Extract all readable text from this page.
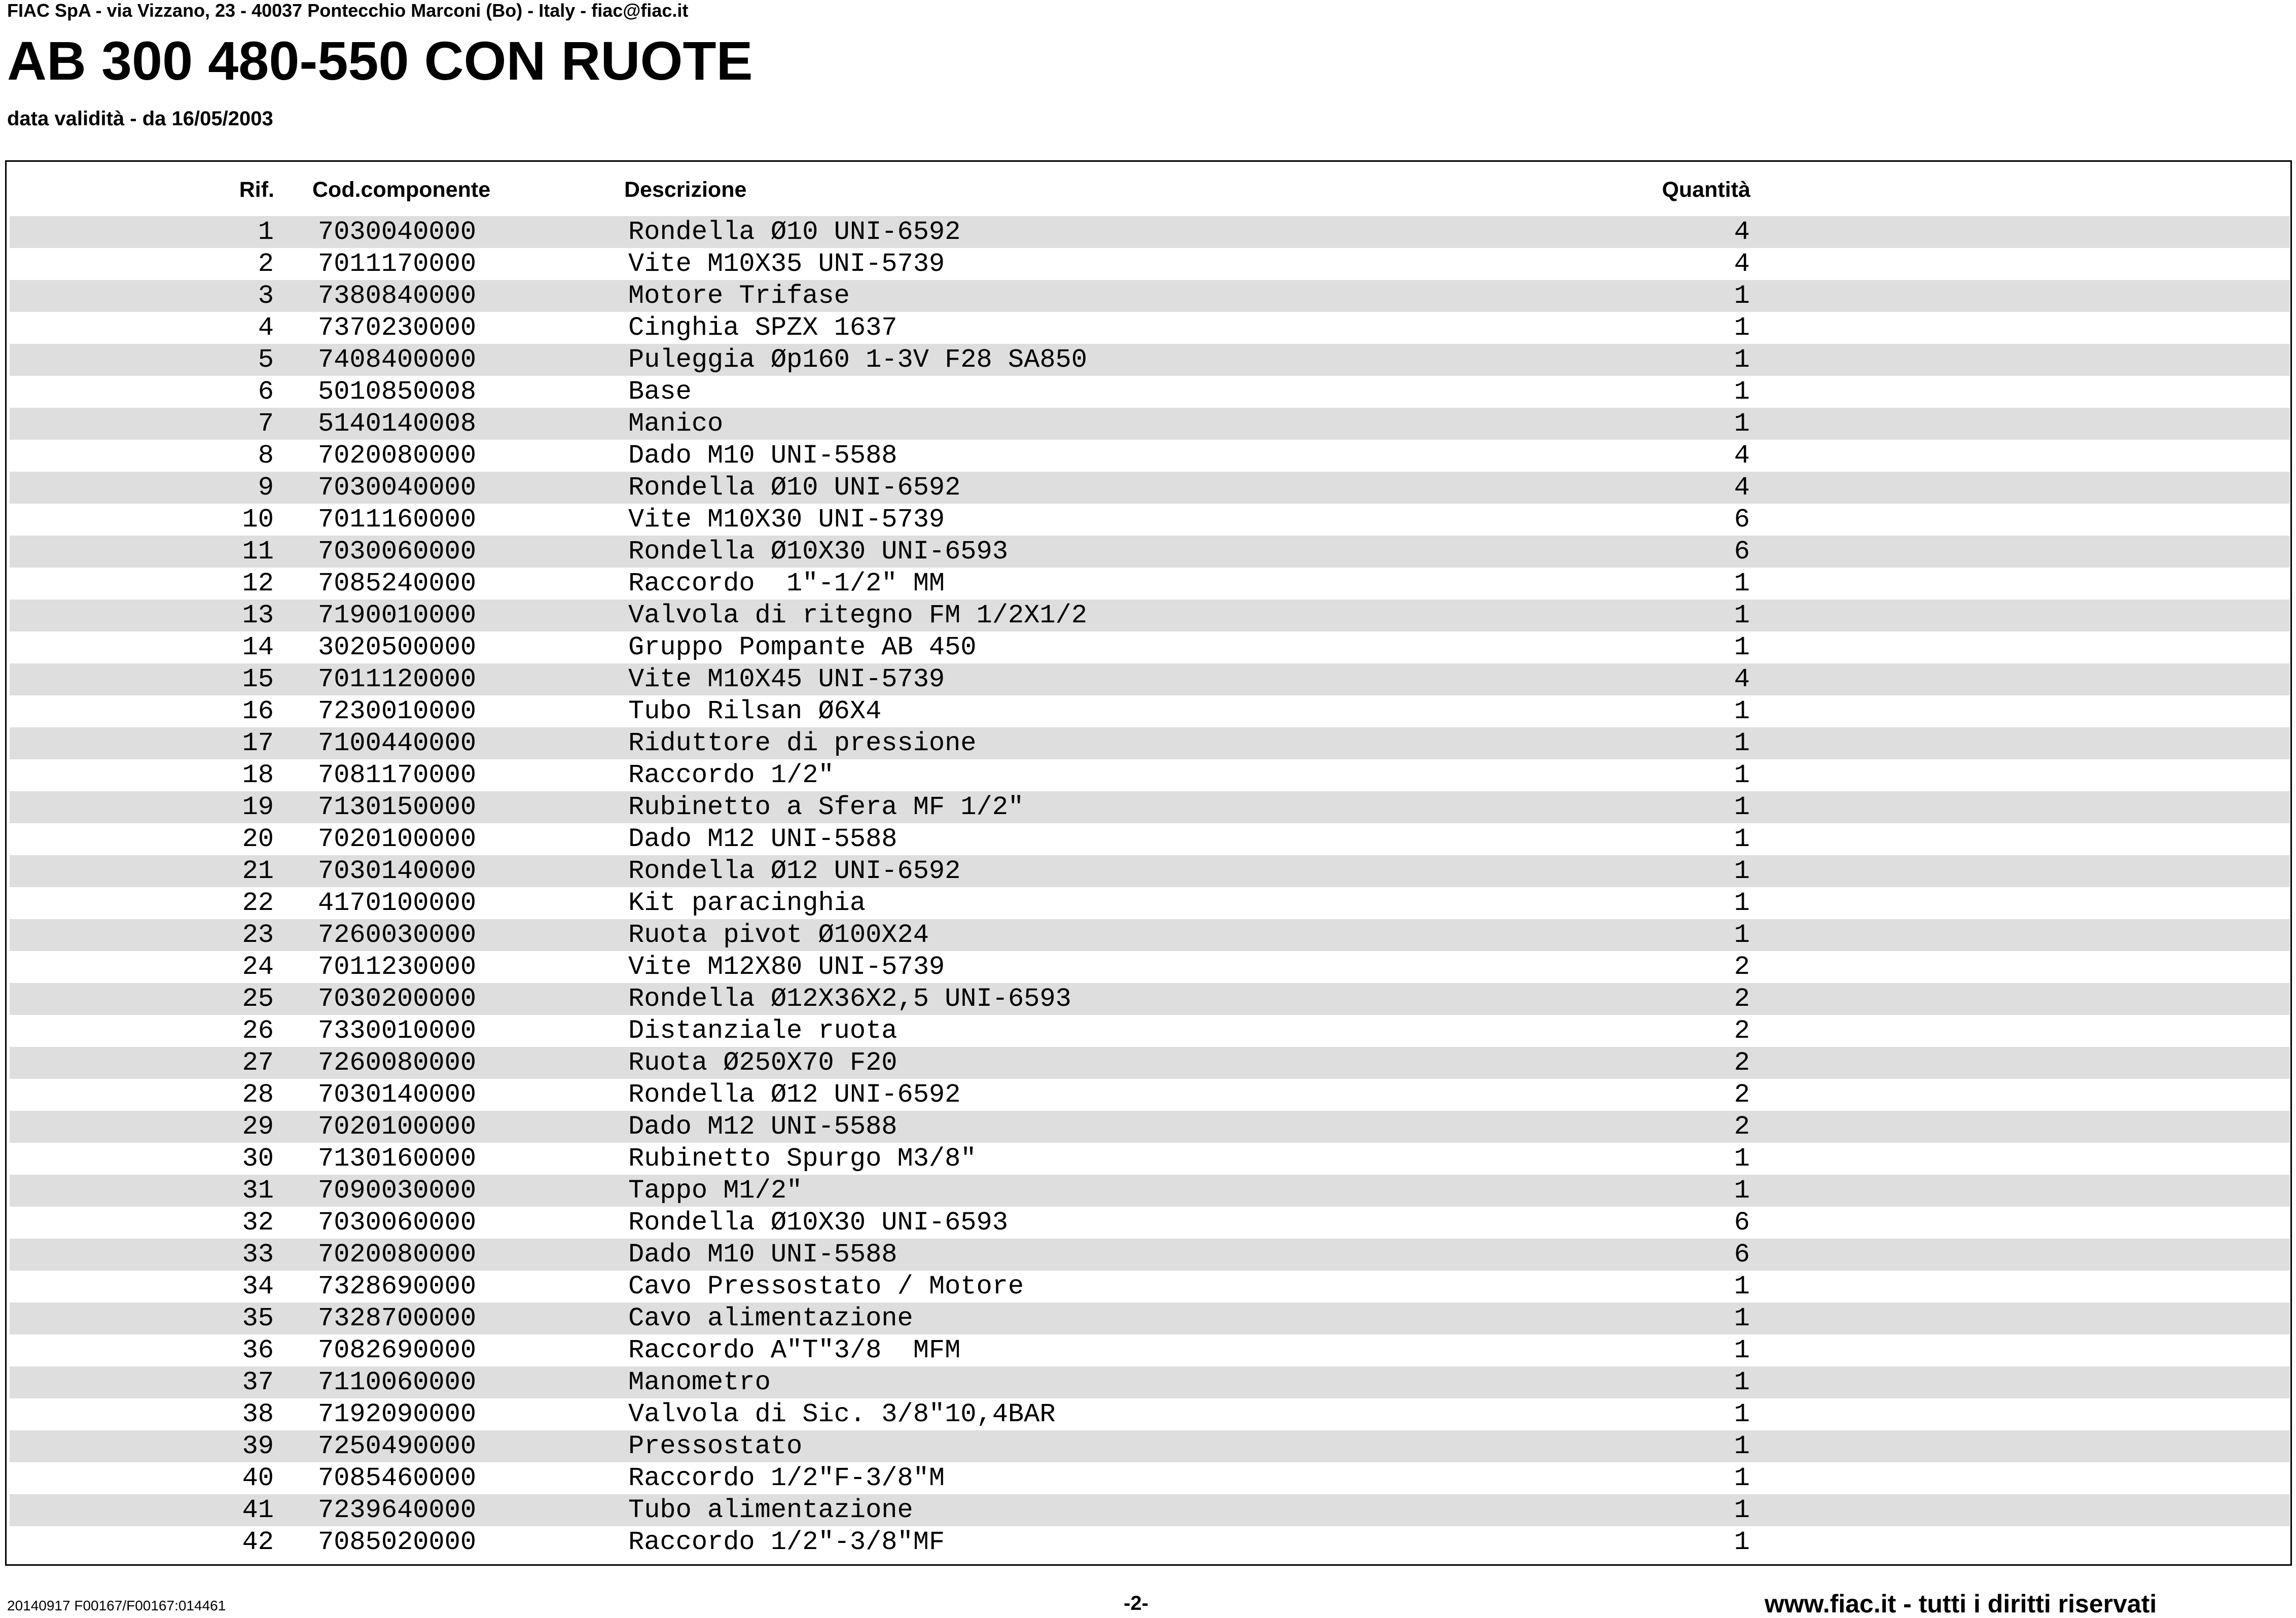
FIAC SpA - via Vizzano, 23 - 40037 Pontecchio Marconi (Bo) - Italy - fiac@fiac.it
AB 300 480-550 CON RUOTE
data validità - da 16/05/2003
Rif. Cod.componente	Descrizione	Quantità
1 7030040000	Rondella Ø10 UNI-6592	4
2 7011170000	Vite M10X35 UNI-5739	4
3 7380840000	Motore Trifase	1
4 7370230000	Cinghia SPZX 1637	1
5 7408400000	Puleggia Øp160 1-3V F28 SA850	1
6 5010850008	Base	1
7 5140140008	Manico	1
8 7020080000	Dado M10 UNI-5588	4
9 7030040000	Rondella Ø10 UNI-6592	4
10 7011160000	Vite M10X30 UNI-5739	6
11 7030060000	Rondella Ø10X30 UNI-6593	6
12 7085240000	Raccordo  1"-1/2" MM	1
13 7190010000	Valvola di ritegno FM 1/2X1/2	1
14 3020500000	Gruppo Pompante AB 450	1
15 7011120000	Vite M10X45 UNI-5739	4
16 7230010000	Tubo Rilsan Ø6X4	1
17 7100440000	Riduttore di pressione	1
18 7081170000	Raccordo 1/2"	1
19 7130150000	Rubinetto a Sfera MF 1/2"	1
20 7020100000	Dado M12 UNI-5588	1
21 7030140000	Rondella Ø12 UNI-6592	1
22 4170100000	Kit paracinghia	1
23 7260030000	Ruota pivot Ø100X24	1
24 7011230000	Vite M12X80 UNI-5739	2
25 7030200000	Rondella Ø12X36X2,5 UNI-6593	2
26 7330010000	Distanziale ruota	2
27 7260080000	Ruota Ø250X70 F20	2
28 7030140000	Rondella Ø12 UNI-6592	2
29 7020100000	Dado M12 UNI-5588	2
30 7130160000	Rubinetto Spurgo M3/8"	1
31 7090030000	Tappo M1/2"	1
32 7030060000	Rondella Ø10X30 UNI-6593	6
33 7020080000	Dado M10 UNI-5588	6
34 7328690000	Cavo Pressostato / Motore	1
35 7328700000	Cavo alimentazione	1
36 7082690000	Raccordo A"T"3/8  MFM	1
37 7110060000	Manometro	1
38 7192090000	Valvola di Sic. 3/8"10,4BAR	1
39 7250490000	Pressostato	1
40 7085460000	Raccordo 1/2"F-3/8"M	1
41 7239640000	Tubo alimentazione	1
42 7085020000	Raccordo 1/2"-3/8"MF	1
20140917 F00167/F00167:014461	-2-	www.fiac.it - tutti i diritti riservati
